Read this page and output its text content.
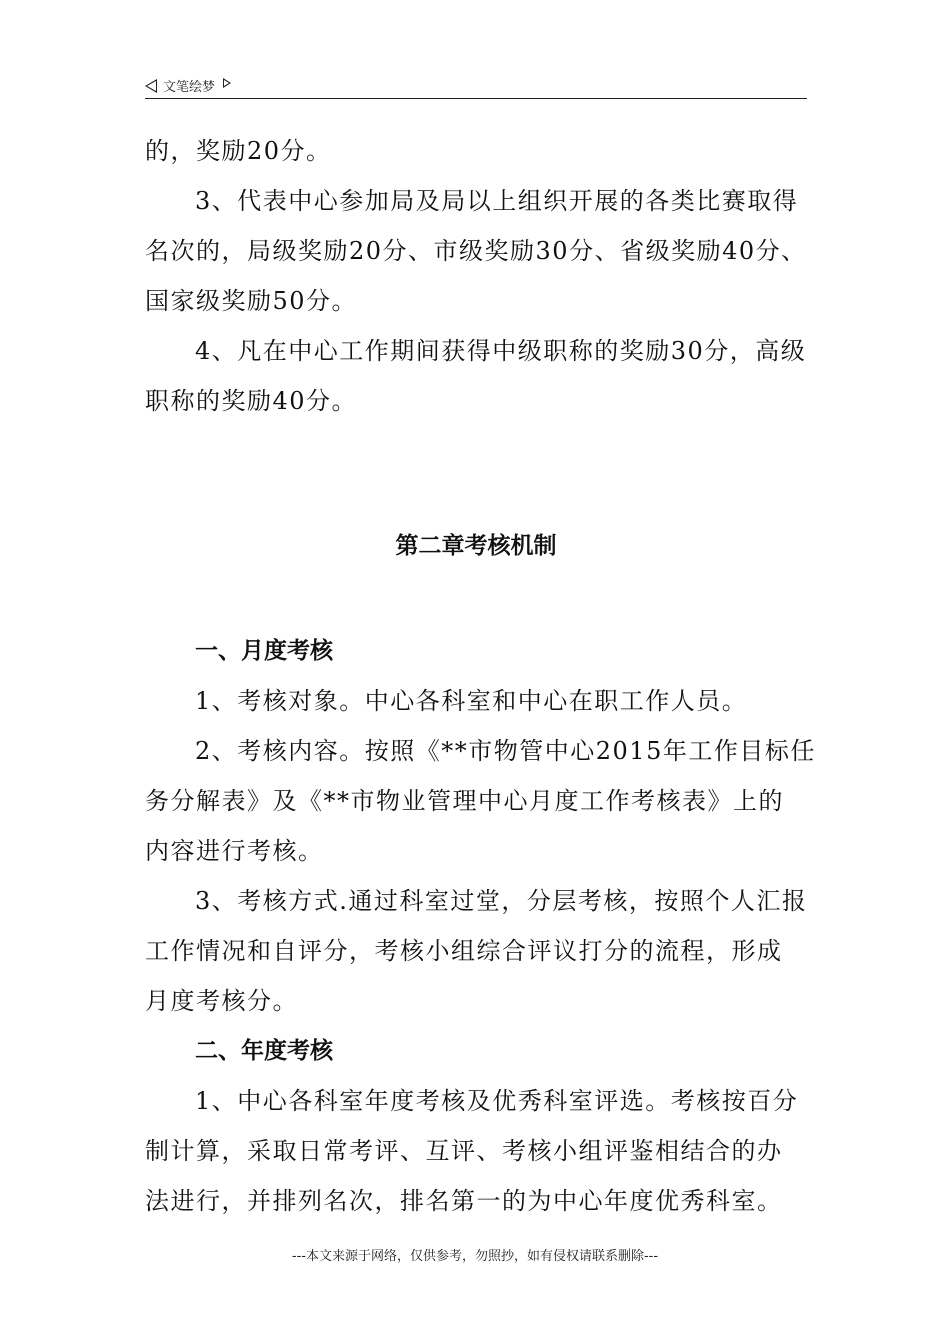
文笔绘梦
的，奖励20分。
3、代表中心参加局及局以上组织开展的各类比赛取得
名次的，局级奖励20分、市级奖励30分、省级奖励40分、
国家级奖励50分。
4、凡在中心工作期间获得中级职称的奖励30分，高级
职称的奖励40分。
第二章考核机制
一、月度考核
1、考核对象。中心各科室和中心在职工作人员。
2、考核内容。按照《**市物管中心2015年工作目标任
务分解表》及《**市物业管理中心月度工作考核表》上的
内容进行考核。
3、考核方式.通过科室过堂，分层考核，按照个人汇报
工作情况和自评分，考核小组综合评议打分的流程，形成
月度考核分。
二、年度考核
1、中心各科室年度考核及优秀科室评选。考核按百分
制计算，采取日常考评、互评、考核小组评鉴相结合的办
法进行，并排列名次，排名第一的为中心年度优秀科室。
---本文来源于网络，仅供参考，勿照抄，如有侵权请联系删除---
